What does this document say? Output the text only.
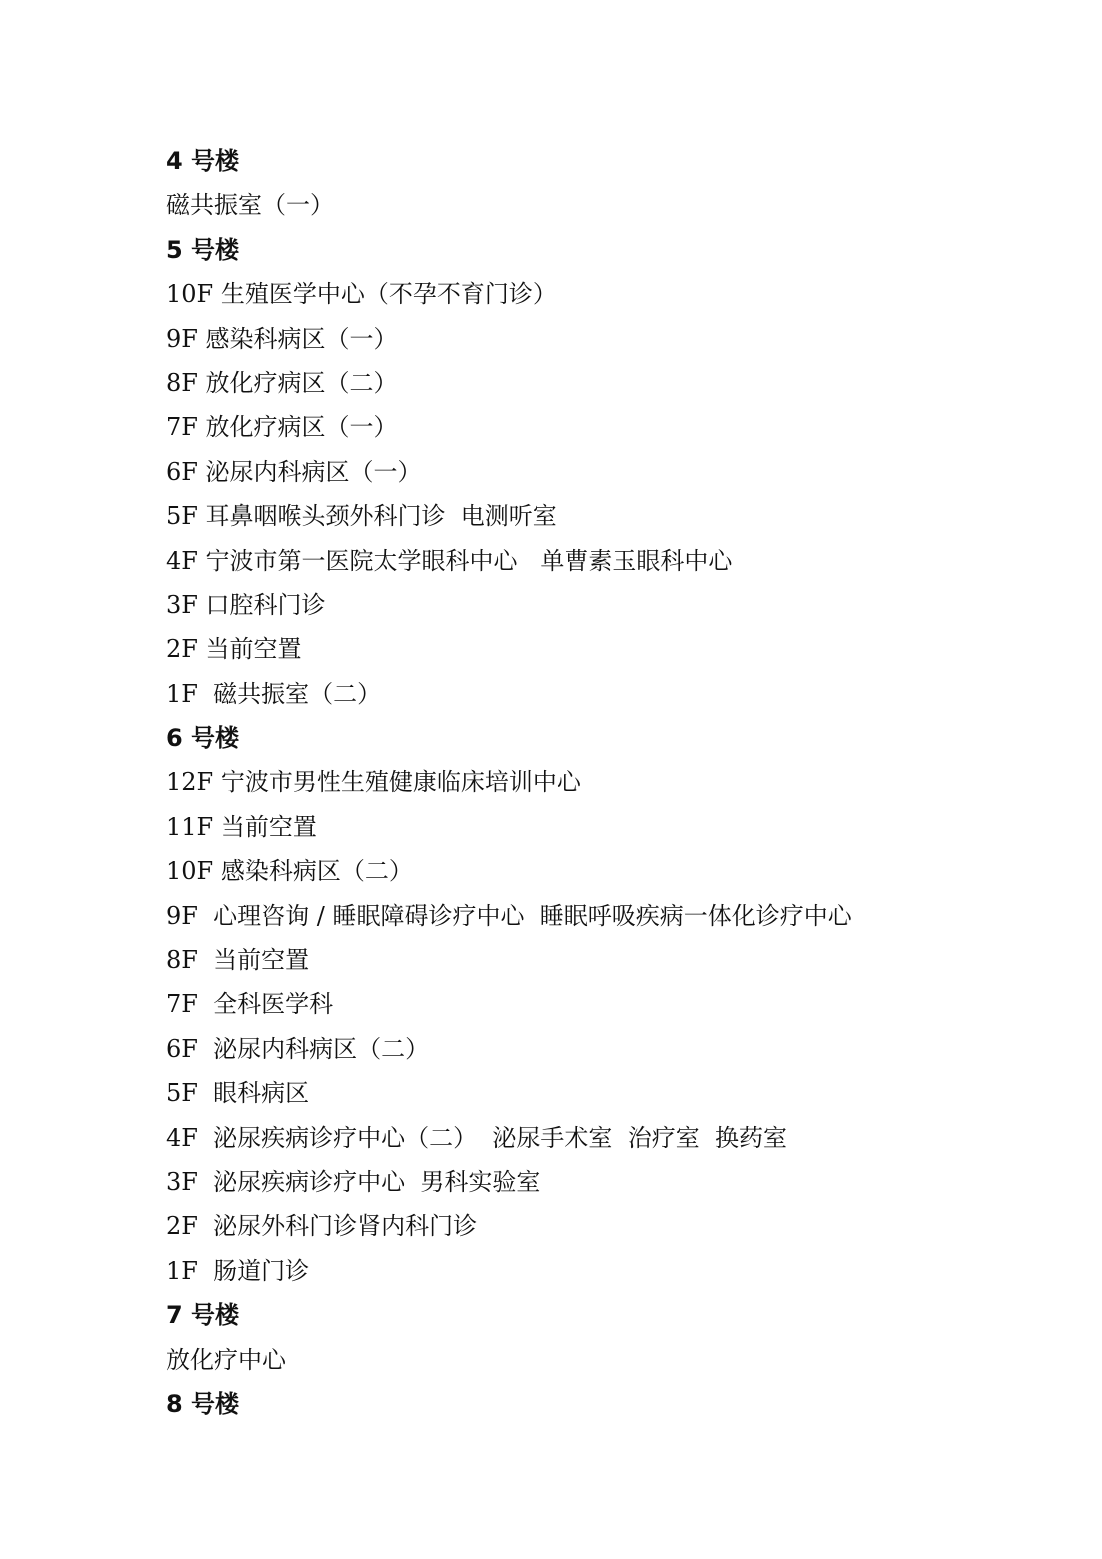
4 号楼
磁共振室（一）
5 号楼
10F 生殖医学中心（不孕不育门诊）
9F 感染科病区（一）
8F 放化疗病区（二）
7F 放化疗病区（一）
6F 泌尿内科病区（一）
5F 耳鼻咽喉头颈外科门诊  电测听室
4F 宁波市第一医院太学眼科中心   单曹素玉眼科中心
3F 口腔科门诊
2F 当前空置
1F  磁共振室（二）
6 号楼
12F 宁波市男性生殖健康临床培训中心
11F 当前空置
10F 感染科病区（二）
9F  心理咨询 / 睡眠障碍诊疗中心  睡眠呼吸疾病一体化诊疗中心
8F  当前空置
7F  全科医学科
6F  泌尿内科病区（二）
5F  眼科病区
4F  泌尿疾病诊疗中心（二）  泌尿手术室  治疗室  换药室
3F  泌尿疾病诊疗中心  男科实验室
2F  泌尿外科门诊肾内科门诊
1F  肠道门诊
7 号楼
放化疗中心
8 号楼
